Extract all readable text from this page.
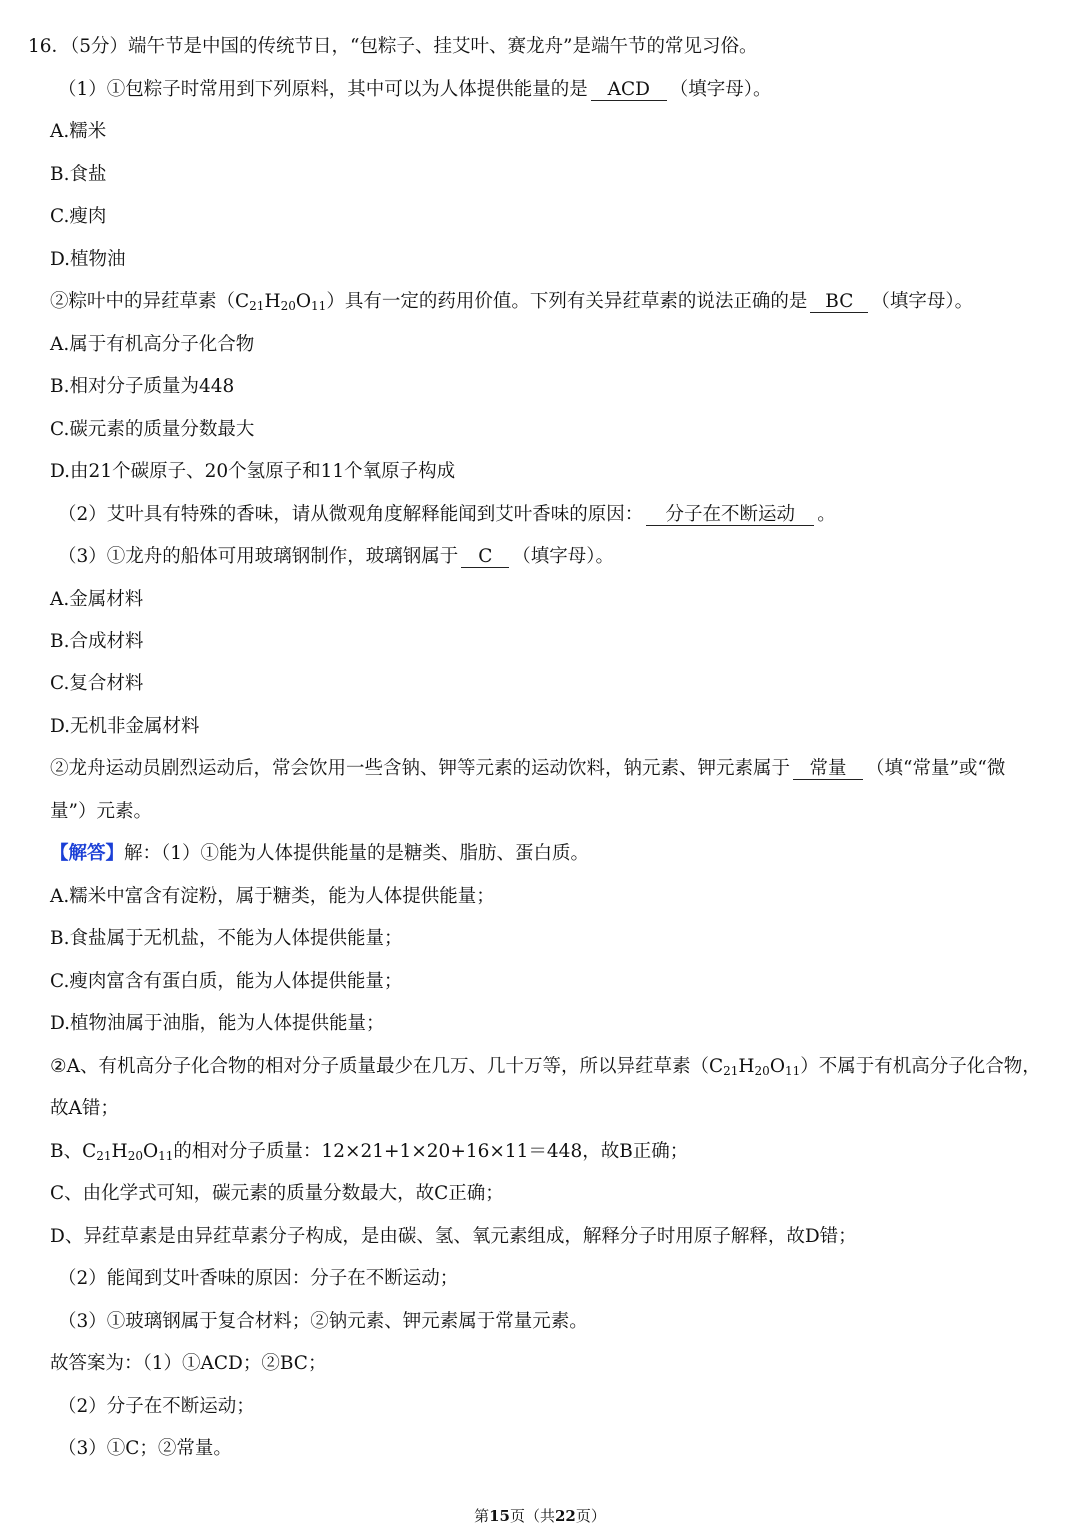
16．（5分）端午节是中国的传统节日，“包粽子、挂艾叶、赛龙舟”是端午节的常见习俗。
（1）①包粽子时常用到下列原料，其中可以为人体提供能量的是 ACD （填字母）。
A.糯米
B.食盐
C.瘦肉
D.植物油
②粽叶中的异荭草素$(C_{21}H_{20}O_{11})$具有一定的药用价值。下列有关异荭草素的说法正确的是 BC （填字母）。
A.属于有机高分子化合物
B.相对分子质量为448
C.碳元素的质量分数最大
D.由21个碳原子、20个氢原子和11个氧原子构成
（2）艾叶具有特殊的香味，请从微观角度解释能闻到艾叶香味的原因： 分子在不断运动 。
（3）①龙舟的船体可用玻璃钢制作，玻璃钢属于 C （填字母）。
A.金属材料
B.合成材料
C.复合材料
D.无机非金属材料
②龙舟运动员剧烈运动后，常会饮用一些含钠、钾等元素的运动饮料，钠元素、钾元素属于 常量 （填“常量”或“微
量”）元素。
【解答】解：（1）①能为人体提供能量的是糖类、脂肪、蛋白质。
A.糯米中富含有淀粉，属于糖类，能为人体提供能量；
B.食盐属于无机盐，不能为人体提供能量；
C.瘦肉富含有蛋白质，能为人体提供能量；
D.植物油属于油脂，能为人体提供能量；
②A、有机高分子化合物的相对分子质量最少在几万、几十万等，所以异荭草素$(C_{21}H_{20}O_{11})$不属于有机高分子化合物，
故A错；
B、$C_{21}H_{20}O_{11}$的相对分子质量：12×21+1×20+16×11＝448，故B正确；
C、由化学式可知，碳元素的质量分数最大，故C正确；
D、异荭草素是由异荭草素分子构成，是由碳、氢、氧元素组成，解释分子时用原子解释，故D错；
（2）能闻到艾叶香味的原因：分子在不断运动；
（3）①玻璃钢属于复合材料；②钠元素、钾元素属于常量元素。
故答案为：（1）①ACD；②BC；
（2）分子在不断运动；
（3）①C；②常量。
第15页（共22页）
